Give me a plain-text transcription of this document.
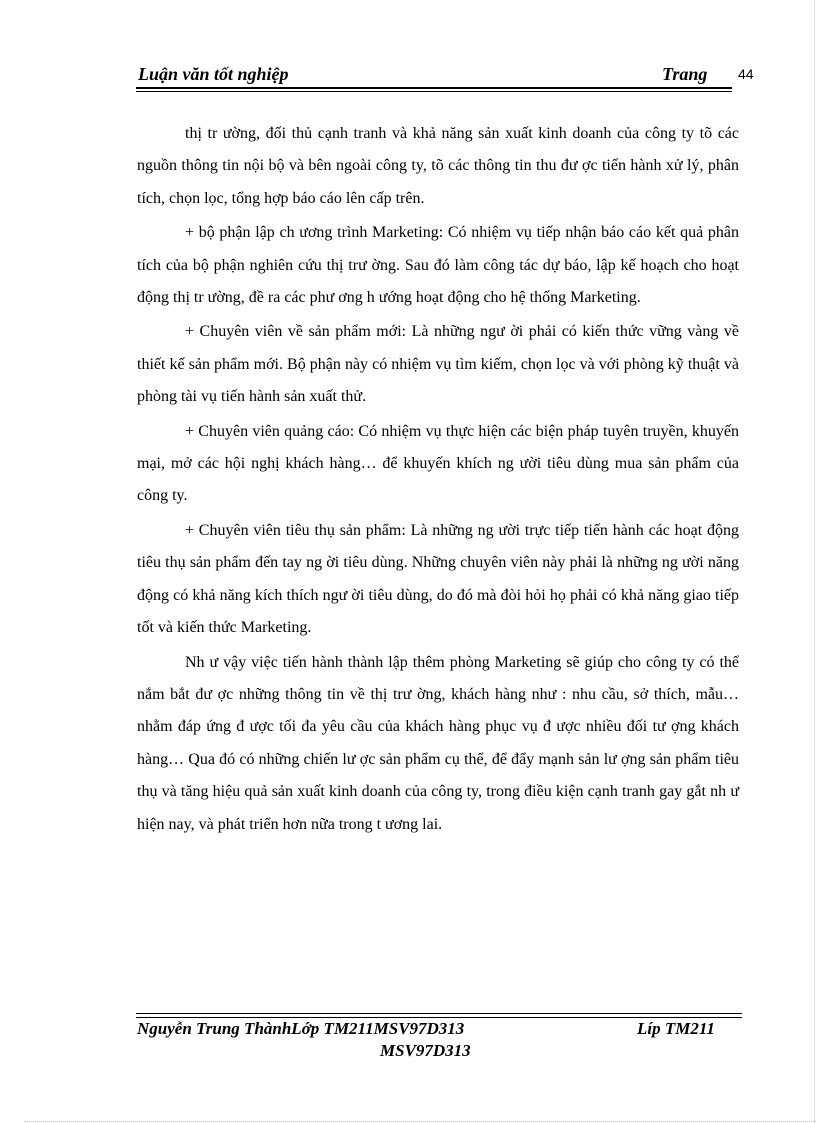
Luận văn tốt nghiệp	Trang 44

thị tr ường, đối thủ cạnh tranh và khả năng sản xuất kinh doanh của công ty tõ các nguồn thông tin nội bộ và bên ngoài công ty, tõ các thông tin thu đư ợc tiến hành xử lý, phân tích, chọn lọc, tổng hợp báo cáo lên cấp trên.

+ bộ phận lập ch ương trình Marketing: Có nhiệm vụ tiếp nhận báo cáo kết quả phân tích của bộ phận nghiên cứu thị trư ờng. Sau đó làm công tác dự báo, lập kế hoạch cho hoạt động thị tr ường, đề ra các phư ơng h ướng hoạt động cho hệ thống Marketing.

+ Chuyên viên về sản phẩm mới: Là những ngư ời phải có kiến thức vững vàng về thiết kế sản phẩm mới. Bộ phận này có nhiệm vụ tìm kiếm, chọn lọc và với phòng kỹ thuật và phòng tài vụ tiến hành sản xuất thử.

+ Chuyên viên quảng cáo: Có nhiệm vụ thực hiện các biện pháp tuyên truyền, khuyến mại, mở các hội nghị khách hàng… để khuyến khích ng ười tiêu dùng mua sản phẩm của công ty.

+ Chuyên viên tiêu thụ sản phẩm: Là những ng ười trực tiếp tiến hành các hoạt động tiêu thụ sản phẩm đến tay ng ời tiêu dùng. Những chuyên viên này phải là những ng ười năng động có khả năng kích thích ngư ời tiêu dùng, do đó mà đòi hỏi họ phải có khả năng giao tiếp tốt và kiến thức Marketing.

Nh ư vậy việc tiến hành thành lập thêm phòng Marketing sẽ giúp cho công ty có thể nắm bắt đư ợc những thông tin về thị trư ờng, khách hàng như : nhu cầu, sở thích, mẫu… nhằm đáp ứng đ ược tối đa yêu cầu của khách hàng phục vụ đ ược nhiều đối tư ợng khách hàng… Qua đó có những chiến lư ợc sản phẩm cụ thể, để đẩy mạnh sản lư ợng sản phẩm tiêu thụ và tăng hiệu quả sản xuất kinh doanh của công ty, trong điều kiện cạnh tranh gay gắt nh ư hiện nay, và phát triển hơn nữa trong t ương lai.

Nguyễn Trung ThànhLớp TM211MSV97D313	Líp TM211
MSV97D313
